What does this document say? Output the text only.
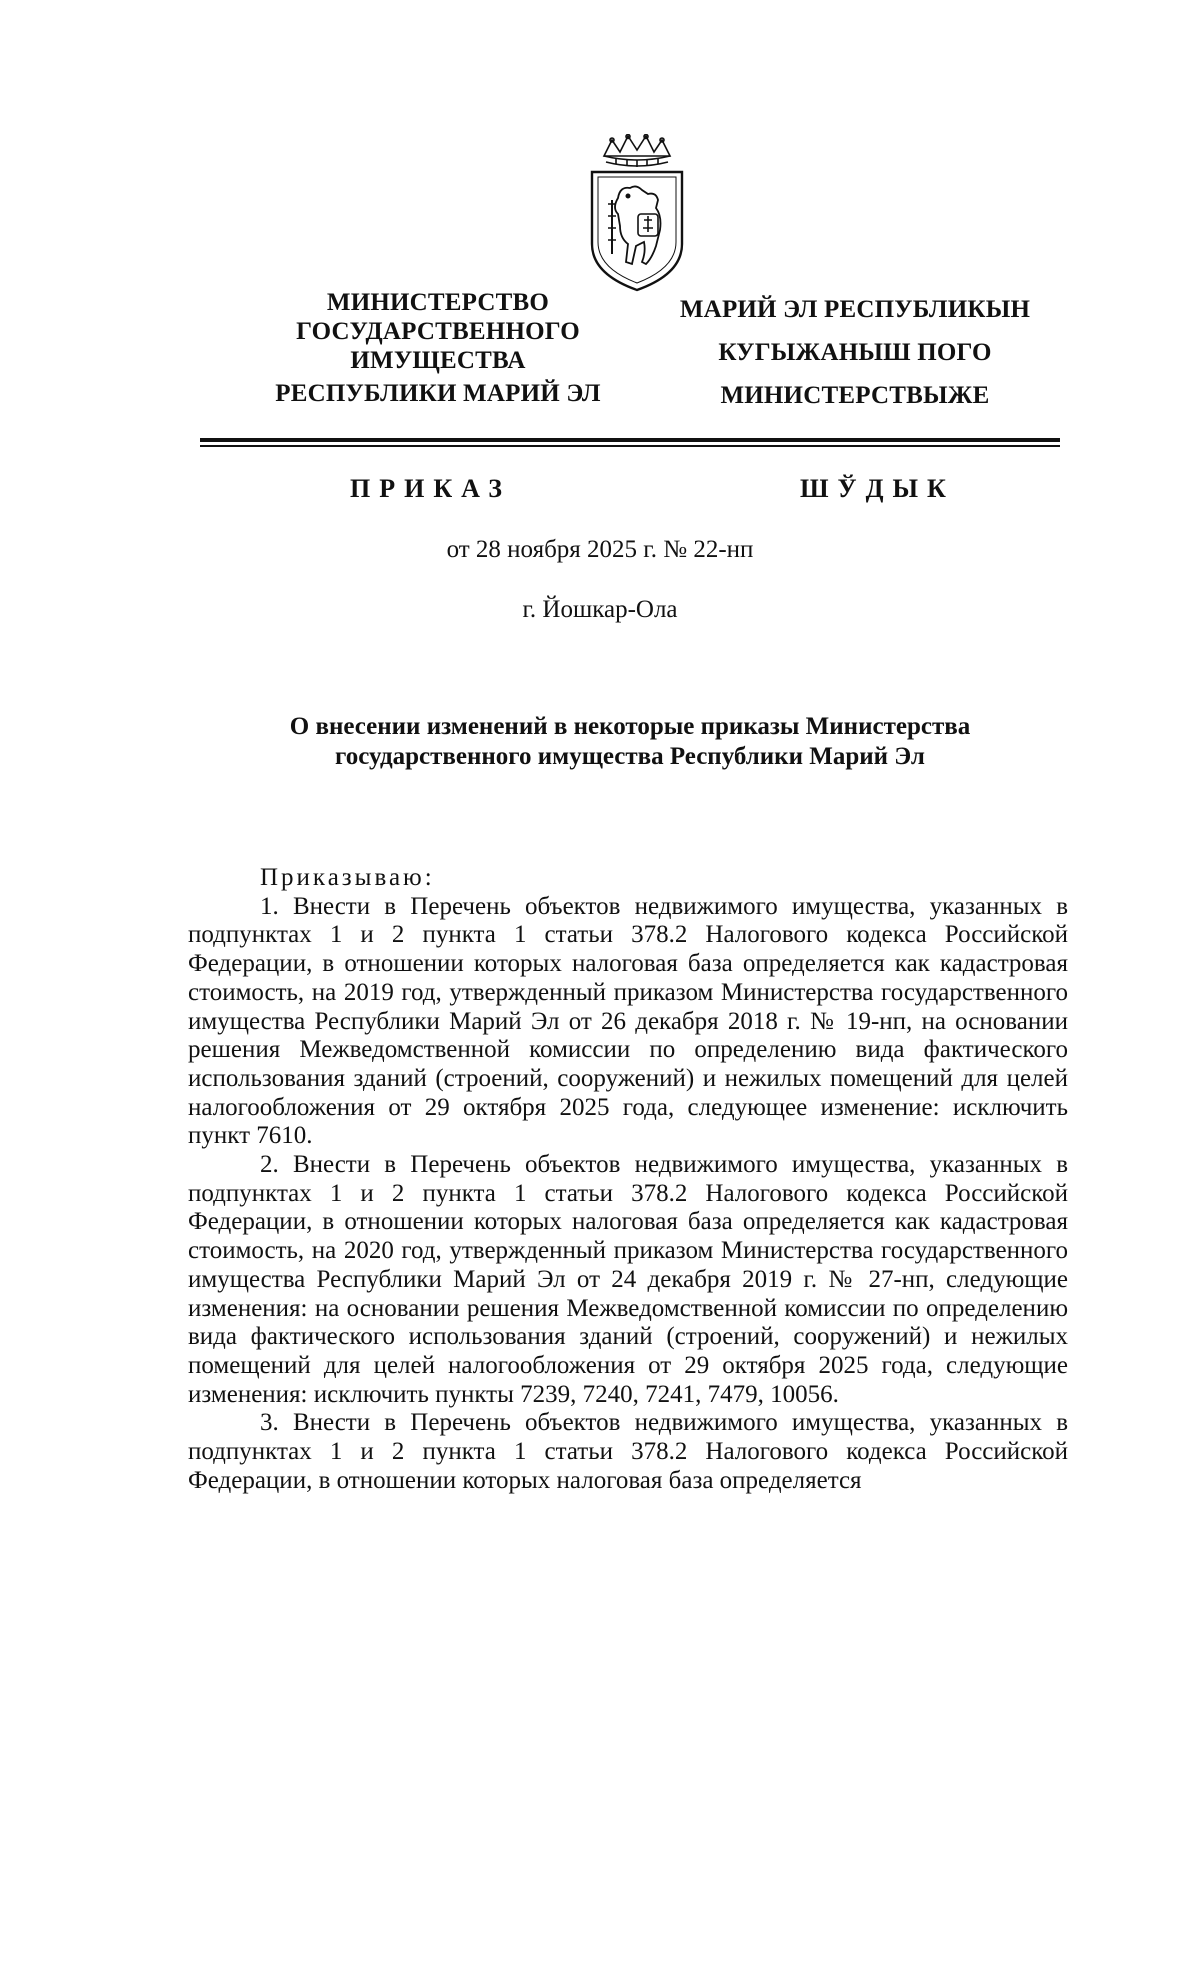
МИНИСТЕРСТВО
ГОСУДАРСТВЕННОГО
ИМУЩЕСТВА
РЕСПУБЛИКИ МАРИЙ ЭЛ
МАРИЙ ЭЛ РЕСПУБЛИКЫН
КУГЫЖАНЫШ ПОГО
МИНИСТЕРСТВЫЖЕ
ПРИКАЗ	ШЎДЫК
от 28 ноября 2025 г. № 22-нп
г. Йошкар-Ола
О внесении изменений в некоторые приказы Министерства
государственного имущества Республики Марий Эл

Приказываю:

1. Внести в Перечень объектов недвижимого имущества, указанных в подпунктах 1 и 2 пункта 1 статьи 378.2 Налогового кодекса Российской Федерации, в отношении которых налоговая база определяется как кадастровая стоимость, на 2019 год, утвержденный приказом Министерства государственного имущества Республики Марий Эл от 26 декабря 2018 г. № 19-нп, на основании решения Межведомственной комиссии по определению вида фактического использования зданий (строений, сооружений) и нежилых помещений для целей налогообложения от 29 октября 2025 года, следующее изменение: исключить пункт 7610.

2. Внести в Перечень объектов недвижимого имущества, указанных в подпунктах 1 и 2 пункта 1 статьи 378.2 Налогового кодекса Российской Федерации, в отношении которых налоговая база определяется как кадастровая стоимость, на 2020 год, утвержденный приказом Министерства государственного имущества Республики Марий Эл от 24 декабря 2019 г. № 27-нп, следующие изменения: на основании решения Межведомственной комиссии по определению вида фактического использования зданий (строений, сооружений) и нежилых помещений для целей налогообложения от 29 октября 2025 года, следующие изменения: исключить пункты 7239, 7240, 7241, 7479, 10056.

3. Внести в Перечень объектов недвижимого имущества, указанных в подпунктах 1 и 2 пункта 1 статьи 378.2 Налогового кодекса Российской Федерации, в отношении которых налоговая база определяется
